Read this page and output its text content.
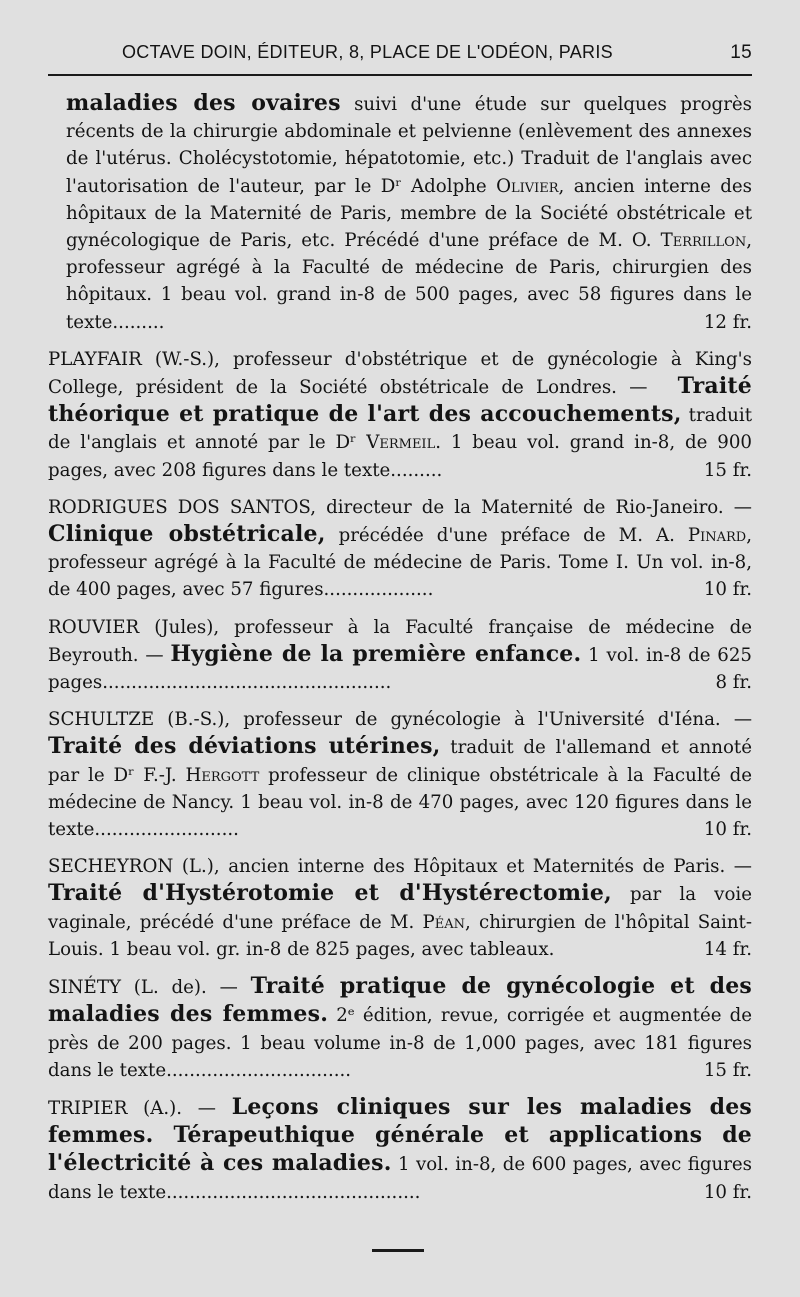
OCTAVE DOIN, ÉDITEUR, 8, PLACE DE L'ODÉON, PARIS	15
maladies des ovaires suivi d'une étude sur quelques progrès récents de la chirurgie abdominale et pelvienne (enlèvement des annexes de l'utérus. Cholécystotomie, hépatotomie, etc.) Traduit de l'anglais avec l'autorisation de l'auteur, par le Dʳ Adolphe Olivier, ancien interne des hôpitaux de la Maternité de Paris, membre de la Société obstétricale et gynécologique de Paris, etc. Précédé d'une préface de M. O. Terrillon, professeur agrégé à la Faculté de médecine de Paris, chirurgien des hôpitaux. 1 beau vol. grand in-8 de 500 pages, avec 58 figures dans le texte.........	12 fr.
PLAYFAIR (W.-S.), professeur d'obstétrique et de gynécologie à King's College, président de la Société obstétricale de Londres. — Traité théorique et pratique de l'art des accouchements, traduit de l'anglais et annoté par le Dʳ Vermeil. 1 beau vol. grand in-8, de 900 pages, avec 208 figures dans le texte.........	15 fr.
RODRIGUES DOS SANTOS, directeur de la Maternité de Rio-Janeiro. — Clinique obstétricale, précédée d'une préface de M. A. Pinard, professeur agrégé à la Faculté de médecine de Paris. Tome I. Un vol. in-8, de 400 pages, avec 57 figures...................	10 fr.
ROUVIER (Jules), professeur à la Faculté française de médecine de Beyrouth. — Hygiène de la première enfance. 1 vol. in-8 de 625 pages..................................................	8 fr.
SCHULTZE (B.-S.), professeur de gynécologie à l'Université d'Iéna. — Traité des déviations utérines, traduit de l'allemand et annoté par le Dʳ F.-J. Hergott professeur de clinique obstétricale à la Faculté de médecine de Nancy. 1 beau vol. in-8 de 470 pages, avec 120 figures dans le texte.........................	10 fr.
SECHEYRON (L.), ancien interne des Hôpitaux et Maternités de Paris. — Traité d'Hystérotomie et d'Hystérectomie, par la voie vaginale, précédé d'une préface de M. Péan, chirurgien de l'hôpital Saint-Louis. 1 beau vol. gr. in-8 de 825 pages, avec tableaux.	14 fr.
SINÉTY (L. de). — Traité pratique de gynécologie et des maladies des femmes. 2ᵉ édition, revue, corrigée et augmentée de près de 200 pages. 1 beau volume in-8 de 1,000 pages, avec 181 figures dans le texte................................	15 fr.
TRIPIER (A.). — Leçons cliniques sur les maladies des femmes. Térapeuthique générale et applications de l'électricité à ces maladies. 1 vol. in-8, de 600 pages, avec figures dans le texte............................................	10 fr.
